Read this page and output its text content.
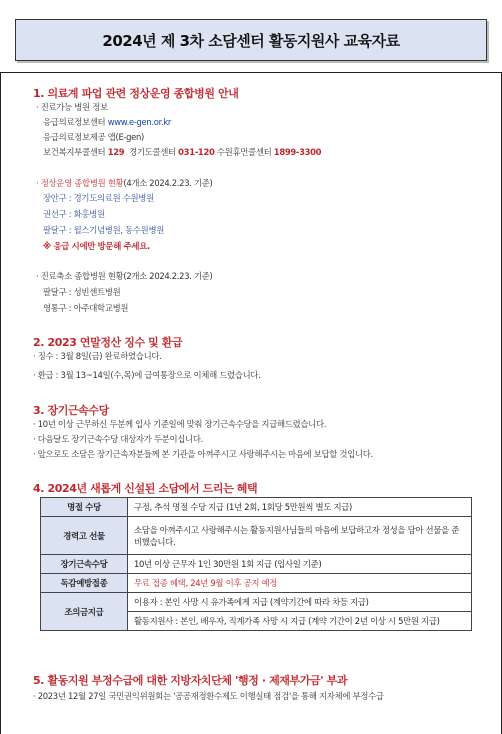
2024년 제 3차 소담센터 활동지원사 교육자료
1. 의료계 파업 관련 정상운영 종합병원 안내
· 진료가능 병원 정보
응급의료정보센터 www.e-gen.or.kr
응급의료정보제공 앱(E-gen)
보건복지부콜센터 129 경기도콜센터 031-120 수원휴먼콜센터 1899-3300
· 정상운영 종합병원 현황(4개소 2024.2.23. 기준)
장안구 : 경기도의료원 수원병원
권선구 : 화홍병원
팔달구 : 윌스기념병원, 동수원병원
※ 응급 시에만 방문해 주세요.
· 진료축소 종합병원 현황(2개소 2024.2.23. 기준)
팔달구 : 성빈센트병원
영통구 : 아주대학교병원
2. 2023 연말정산 징수 및 환급
· 징수 : 3월 8일(금) 완료하였습니다.
· 환급 : 3월 13~14일(수,목)에 급여통장으로 이체해 드렸습니다.
3. 장기근속수당
· 10년 이상 근무하신 두분께 입사 기준일에 맞춰 장기근속수당을 지급해드렸습니다.
· 다음달도 장기근속수당 대상자가 두분이십니다.
· 앞으로도 소담은 장기근속자분들께 본 기관을 아껴주시고 사랑해주시는 마음에 보답할 것입니다.
4. 2024년 새롭게 신설된 소담에서 드리는 혜택
명절 수당	구정, 추석 명절 수당 지급 (1년 2회, 1회당 5만원씩 별도 지급)
경력고 선물	소담을 아껴주시고 사랑해주시는 활동지원사님들의 마음에 보답하고자 정성을 담아 선물을 준비했습니다.
장기근속수당	10년 이상 근무자 1인 30만원 1회 지급 (입사일 기준)
독감예방접종	무료 접종 혜택, 24년 9월 이후 공지 예정
조의금지급	이용자 : 본인 사망 시 유가족에게 지급 (계약기간에 따라 차등 지급)
활동지원사 : 본인, 배우자, 직계가족 사망 시 지급 (계약 기간이 2년 이상 시 5만원 지급)
5. 활동지원 부정수급에 대한 지방자치단체 '행정 · 제재부가금' 부과
· 2023년 12월 27일 국민권익위원회는 '공공재정환수제도 이행실태 점검'을 통해 지자체에 부정수급
